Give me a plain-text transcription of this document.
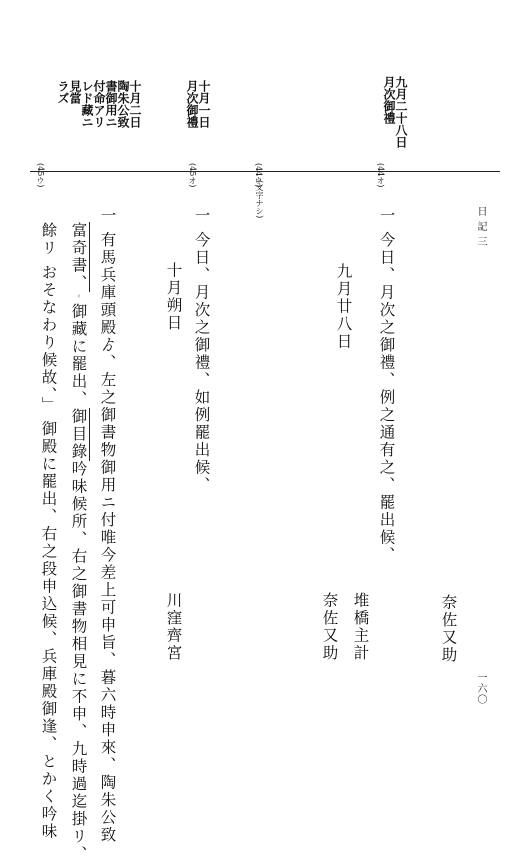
日 記 三
一六〇
九月二十八日
月次御禮
十月一日
月次御禮
十月二日
陶朱公致
書御用ニ
付命アリ
レド藏ニ
見當
ラズ
(44オ)
(44ウ)
(45オ)
(45ウ)
一 今日、月次之御禮、例之通有之、罷出候、
九月廿八日
奈佐又助
堆橋主計
奈佐又助
(文字ナシ)
一 今日、月次之御禮、如例罷出候、
十月朔日
川窪齊宮
一 有馬兵庫頭殿ゟ、左之御書物御用ニ付唯今差上可申旨、暮六時申來、陶朱公致
富奇書、◦御藏に罷出、御目錄吟味候所、右之御書物相見に不申、九時過迄掛リ、
餘リ おそなわり候故、」 御殿に罷出、右之段申込候、兵庫殿御逢、とかく吟味
